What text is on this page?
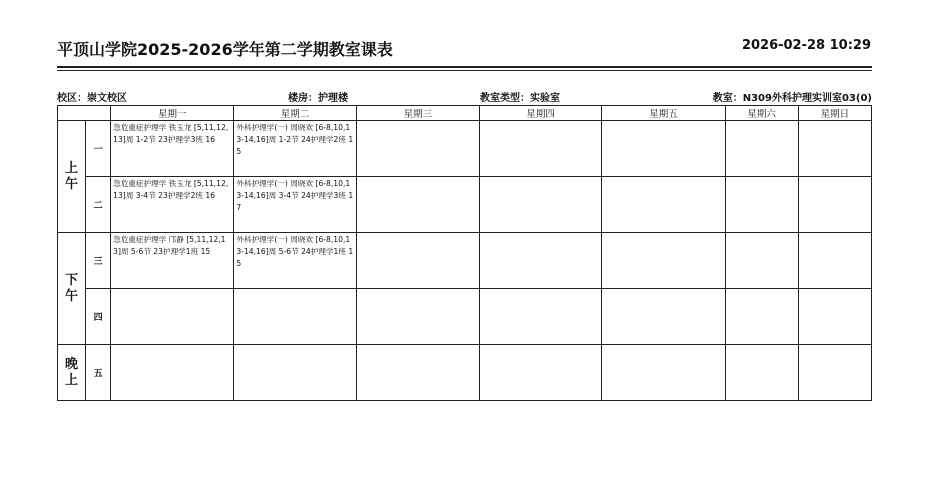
平顶山学院2025-2026学年第二学期教室课表	2026-02-28 10:29
校区：崇文校区	楼房：护理楼	教室类型：实验室	教室：N309外科护理实训室03(0)
		星期一	星期二	星期三	星期四	星期五	星期六	星期日
上
午	一	急危重症护理学 铁玉龙 [5,11,12,13]周 1-2节 23护理学3班 16	外科护理学(一) 周晓欢 [6-8,10,13-14,16]周 1-2节 24护理学2班 15					
	二	急危重症护理学 铁玉龙 [5,11,12,13]周 3-4节 23护理学2班 16	外科护理学(一) 周晓欢 [6-8,10,13-14,16]周 3-4节 24护理学3班 17					
下
午	三	急危重症护理学 邝静 [5,11,12,13]周 5-6节 23护理学1班 15	外科护理学(一) 周晓欢 [6-8,10,13-14,16]周 5-6节 24护理学1班 15					
	四							
晚
上	五							
